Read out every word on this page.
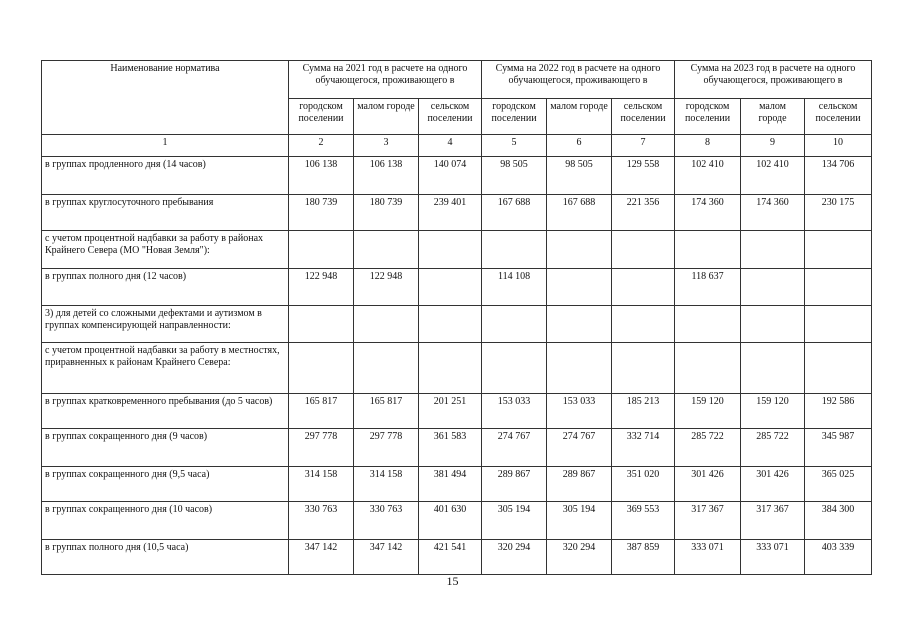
Наименование норматива	Сумма на 2021 год в расчете на одного обучающегося, проживающего в			Сумма на 2022 год в расчете на одного обучающегося, проживающего в			Сумма на 2023 год в расчете на одного обучающегося, проживающего в		
	городском поселении	малом городе	сельском поселении	городском поселении	малом городе	сельском поселении	городском поселении	малом городе	сельском поселении
1	2	3	4	5	6	7	8	9	10
в группах продленного дня (14 часов)	106 138	106 138	140 074	98 505	98 505	129 558	102 410	102 410	134 706
в группах круглосуточного пребывания	180 739	180 739	239 401	167 688	167 688	221 356	174 360	174 360	230 175
с учетом процентной надбавки за работу в районах Крайнего Севера (МО "Новая Земля"):									
в группах полного дня (12 часов)	122 948	122 948		114 108			118 637		
3) для детей со сложными дефектами и аутизмом в группах компенсирующей направленности:									
с учетом процентной надбавки за работу в местностях, приравненных к районам Крайнего Севера:									
в группах кратковременного пребывания (до 5 часов)	165 817	165 817	201 251	153 033	153 033	185 213	159 120	159 120	192 586
в группах сокращенного дня (9 часов)	297 778	297 778	361 583	274 767	274 767	332 714	285 722	285 722	345 987
в группах сокращенного дня (9,5 часа)	314 158	314 158	381 494	289 867	289 867	351 020	301 426	301 426	365 025
в группах сокращенного дня (10 часов)	330 763	330 763	401 630	305 194	305 194	369 553	317 367	317 367	384 300
в группах полного дня (10,5 часа)	347 142	347 142	421 541	320 294	320 294	387 859	333 071	333 071	403 339
15
